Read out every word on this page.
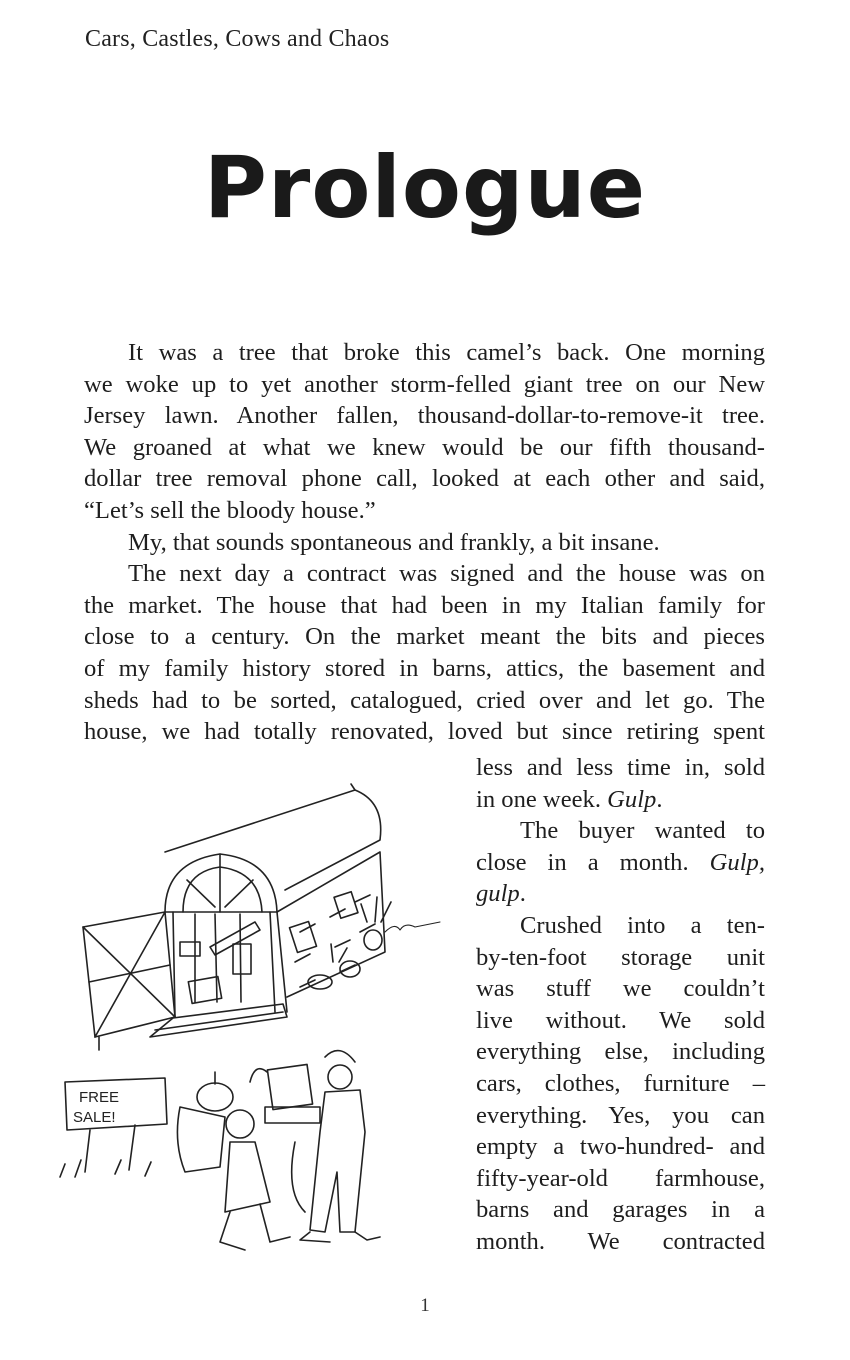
Cars, Castles, Cows and Chaos
Prologue
It was a tree that broke this camel’s back. One morning
we woke up to yet another storm-felled giant tree on our New
Jersey lawn. Another fallen, thousand-dollar-to-remove-it tree.
We groaned at what we knew would be our fifth thousand-
dollar tree removal phone call, looked at each other and said,
“Let’s sell the bloody house.”
My, that sounds spontaneous and frankly, a bit insane.
The next day a contract was signed and the house was on
the market. The house that had been in my Italian family for
close to a century. On the market meant the bits and pieces
of my family history stored in barns, attics, the basement and
sheds had to be sorted, catalogued, cried over and let go. The
house, we had totally renovated, loved but since retiring spent
less and less time in, sold
in one week. Gulp.
The buyer wanted to
close in a month. Gulp,
gulp.
Crushed into a ten-
by-ten-foot storage unit
was stuff we couldn’t
live without. We sold
everything else, including
cars, clothes, furniture –
everything. Yes, you can
empty a two-hundred- and
fifty-year-old farmhouse,
barns and garages in a
month. We contracted
FREE
SALE!
1
